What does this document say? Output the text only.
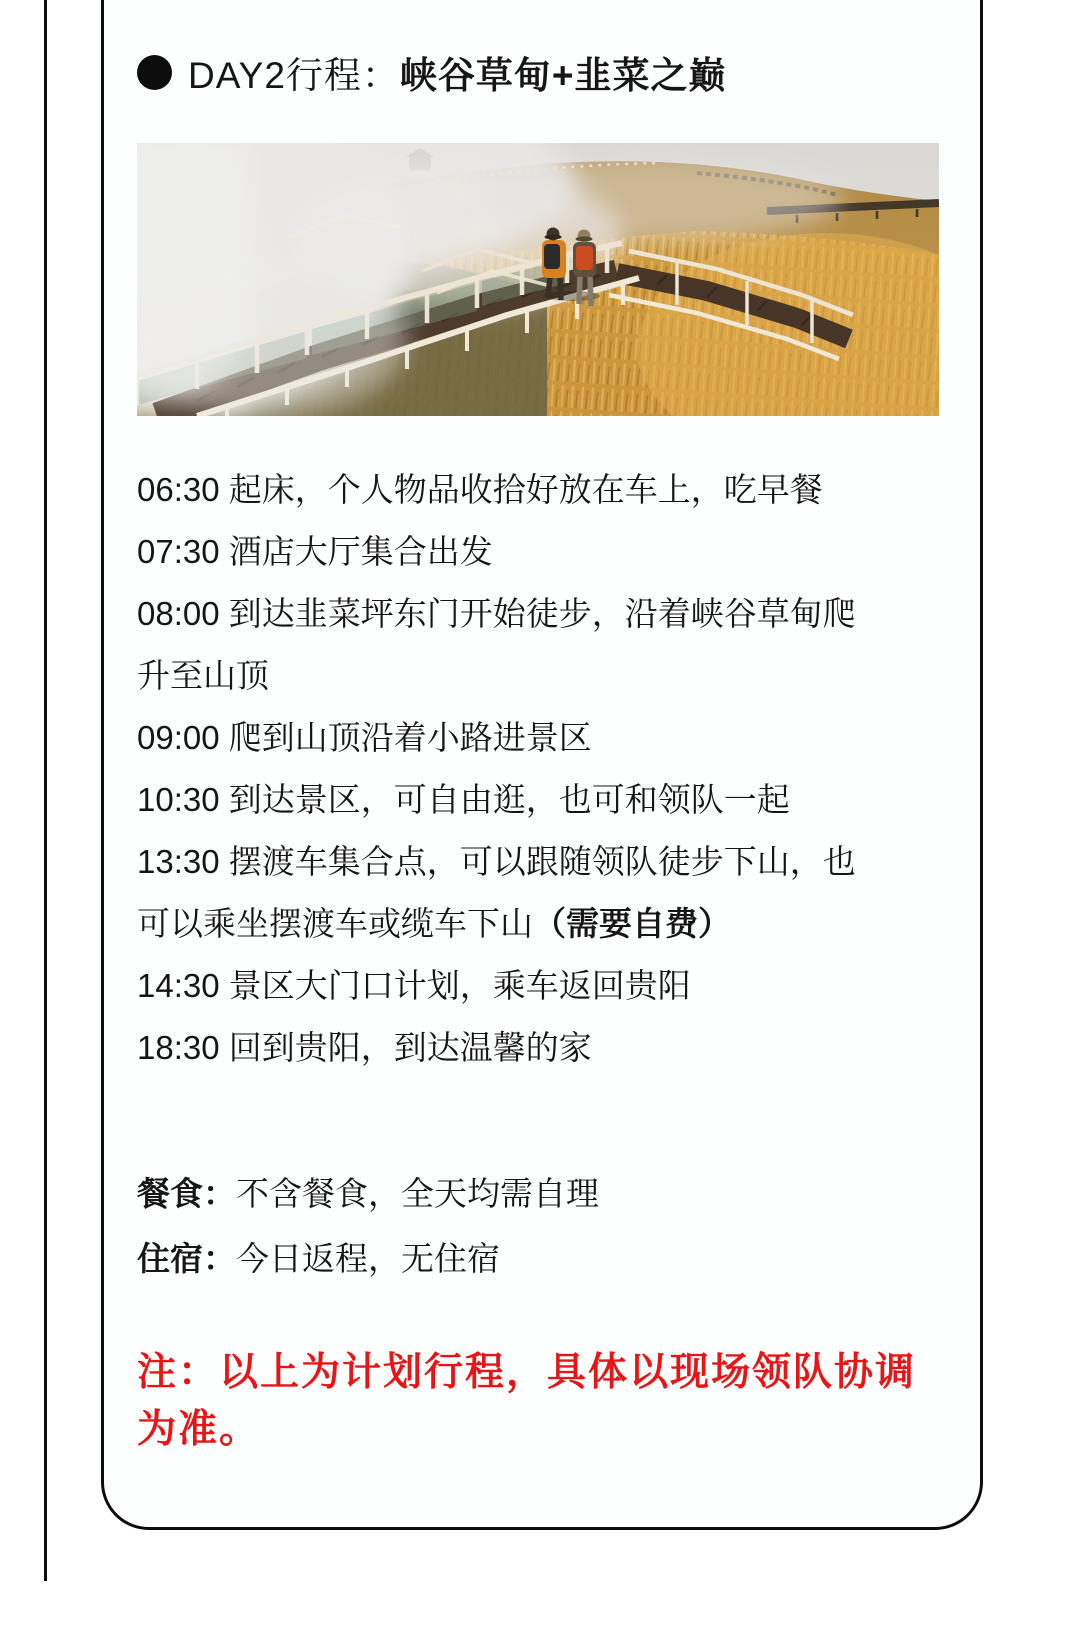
DAY2行程： 峡谷草甸+韭菜之巅

06:30 起床，个人物品收拾好放在车上，吃早餐

07:30 酒店大厅集合出发

08:00 到达韭菜坪东门开始徒步，沿着峡谷草甸爬升至山顶

09:00 爬到山顶沿着小路进景区

10:30 到达景区，可自由逛，也可和领队一起

13:30 摆渡车集合点，可以跟随领队徒步下山，也可以乘坐摆渡车或缆车下山（需要自费）

14:30 景区大门口计划，乘车返回贵阳

18:30 回到贵阳，到达温馨的家

餐食：不含餐食，全天均需自理

住宿：今日返程，无住宿

注：以上为计划行程，具体以现场领队协调为准。
